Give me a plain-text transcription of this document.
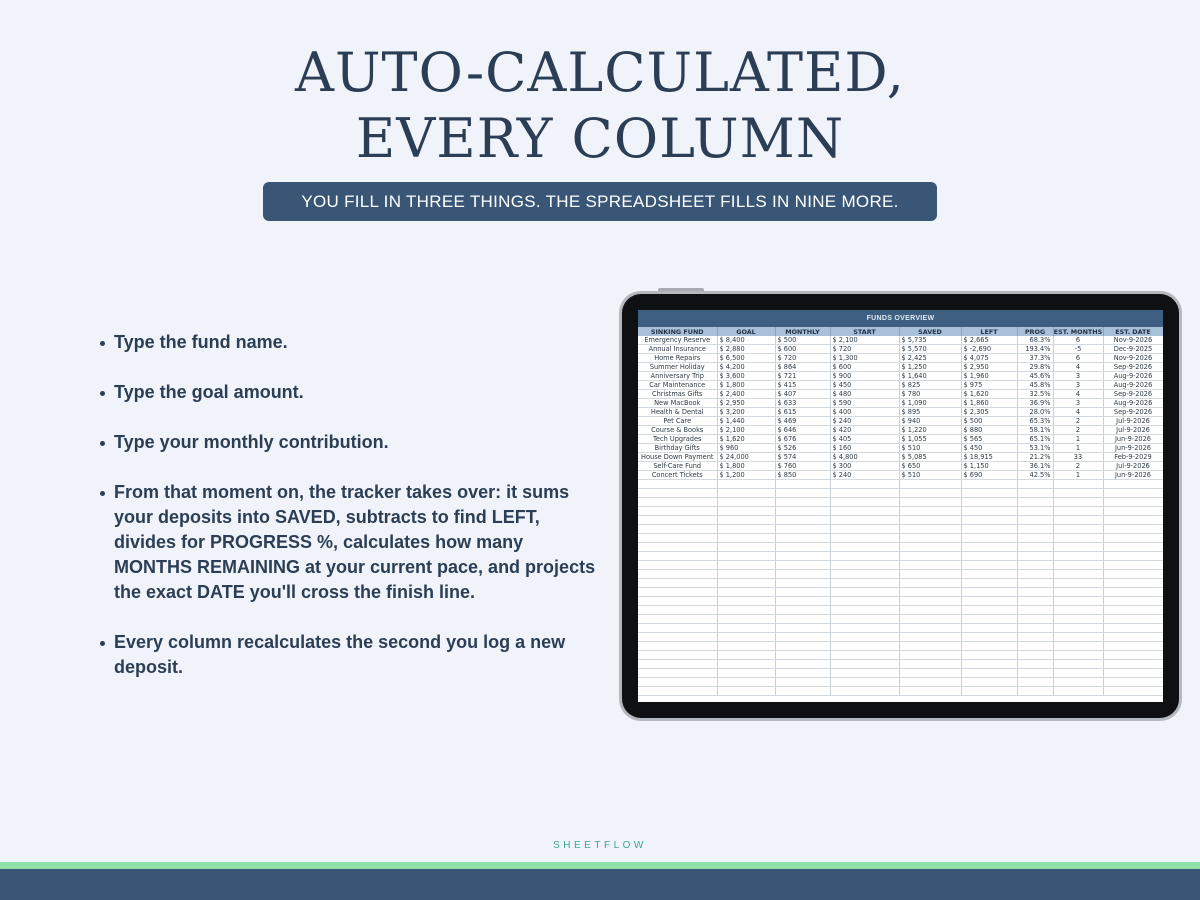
AUTO-CALCULATED,
EVERY COLUMN
YOU FILL IN THREE THINGS. THE SPREADSHEET FILLS IN NINE MORE.
Type the fund name.
Type the goal amount.
Type your monthly contribution.
From that moment on, the tracker takes over: it sums your deposits into SAVED, subtracts to find LEFT, divides for PROGRESS %, calculates how many MONTHS REMAINING at your current pace, and projects the exact DATE you'll cross the finish line.
Every column recalculates the second you log a new deposit.
FUNDS OVERVIEW
SINKING FUND	GOAL	MONTHLY	START	SAVED	LEFT	PROG	EST. MONTHS	EST. DATE
Emergency Reserve	$ 8,400	$ 500	$ 2,100	$ 5,735	$ 2,665	68.3%	6	Nov-9-2026
Annual Insurance	$ 2,880	$ 600	$ 720	$ 5,570	$ -2,690	193.4%	-5	Dec-9-2025
Home Repairs	$ 6,500	$ 720	$ 1,300	$ 2,425	$ 4,075	37.3%	6	Nov-9-2026
Summer Holiday	$ 4,200	$ 864	$ 600	$ 1,250	$ 2,950	29.8%	4	Sep-9-2026
Anniversary Trip	$ 3,600	$ 721	$ 900	$ 1,640	$ 1,960	45.6%	3	Aug-9-2026
Car Maintenance	$ 1,800	$ 415	$ 450	$ 825	$ 975	45.8%	3	Aug-9-2026
Christmas Gifts	$ 2,400	$ 407	$ 480	$ 780	$ 1,620	32.5%	4	Sep-9-2026
New MacBook	$ 2,950	$ 633	$ 590	$ 1,090	$ 1,860	36.9%	3	Aug-9-2026
Health & Dental	$ 3,200	$ 615	$ 400	$ 895	$ 2,305	28.0%	4	Sep-9-2026
Pet Care	$ 1,440	$ 469	$ 240	$ 940	$ 500	65.3%	2	Jul-9-2026
Course & Books	$ 2,100	$ 646	$ 420	$ 1,220	$ 880	58.1%	2	Jul-9-2026
Tech Upgrades	$ 1,620	$ 676	$ 405	$ 1,055	$ 565	65.1%	1	Jun-9-2026
Birthday Gifts	$ 960	$ 526	$ 160	$ 510	$ 450	53.1%	1	Jun-9-2026
House Down Payment	$ 24,000	$ 574	$ 4,800	$ 5,085	$ 18,915	21.2%	33	Feb-9-2029
Self-Care Fund	$ 1,800	$ 760	$ 300	$ 650	$ 1,150	36.1%	2	Jul-9-2026
Concert Tickets	$ 1,200	$ 850	$ 240	$ 510	$ 690	42.5%	1	Jun-9-2026

SHEETFLOW
